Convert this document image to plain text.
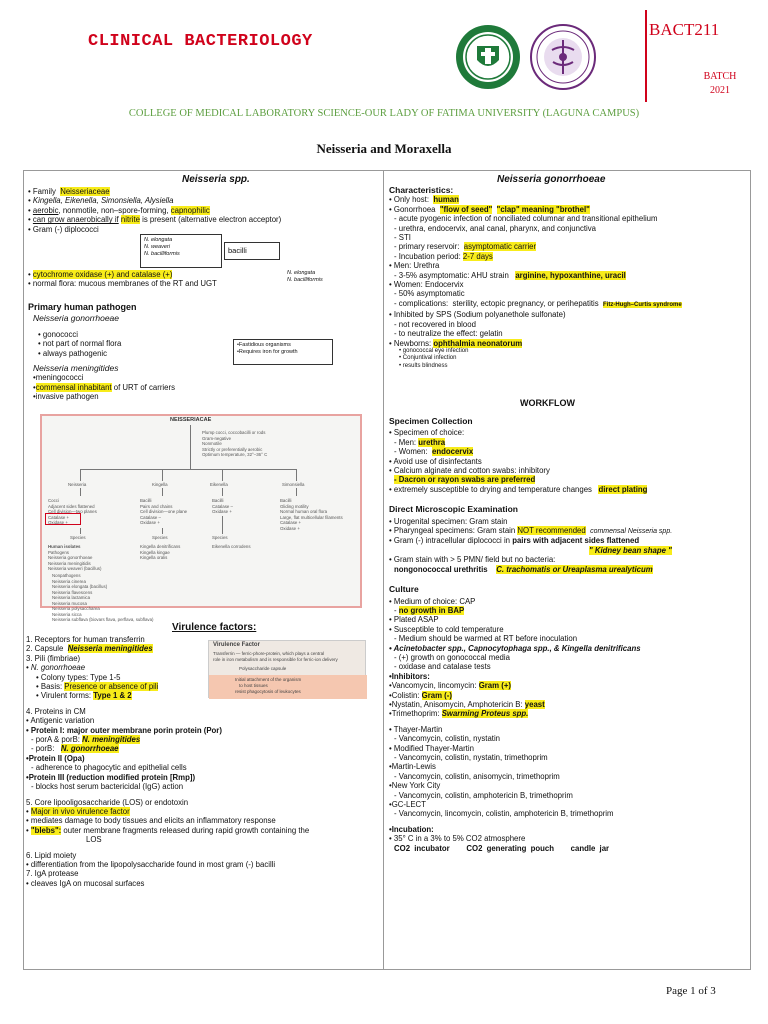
CLINICAL BACTERIOLOGY
BACT211
BATCH
2021
COLLEGE OF MEDICAL LABORATORY SCIENCE-OUR LADY OF FATIMA UNIVERSITY (LAGUNA CAMPUS)
Neisseria and Moraxella
Neisseria spp.
• Family  Neisseriaceae
• Kingella, Eikenella, Simonsiella, Alysiella
• aerobic, nonmotile, non–spore-forming, capnophilic
• can grow anaerobically if nitrite is present (alternative electron acceptor)
• Gram (-) diplococci
N. elongata
N. weaveri
N. bacilliformis	bacilli
• cytochrome oxidase (+) and catalase (+)
• normal flora: mucous membranes of the RT and UGT
N. elongata
N. bacilliformis
Primary human pathogen
Neisseria gonorrhoeae
• gonococci
• not part of normal flora
• always pathogenic
Neisseria meningitides
•meningococci
•commensal inhabitant of URT of carriers
•invasive pathogen
•Fastidious organisms
•Requires iron for growth
NEISSERIACAE
Plump cocci, coccobacilli or rods
Gram-negative
Nonmotile
Strictly or preferentially aerobic
Optimum temperature, 32°–36° C
Neisseria	Kingella	Eikenella	Simonsiella
Cocci
Adjacent sides flattened
Cell division—two planes
Catalase +
Oxidase +
Bacilli
Pairs and chains
Cell division—one plane
Catalase –
Oxidase +
Bacilli
Catalase –
Oxidase +
Bacilli
Gliding motility
Normal human oral flora
Large, flat multicellular filaments
Catalase +
Oxidase +
Species	Species	Species
Human isolates
Pathogens
Neisseria gonorrhoeae
Neisseria meningitidis
Neisseria weaveri (bacillus)
Kingella denitrificans
Kingella kingae
Kingella oralis
Eikenella corrodens
Nonpathogens
Neisseria cinerea
Neisseria elongata (bacillus)
Neisseria flavescens
Neisseria lactamica
Neisseria mucosa
Neisseria polysaccharea
Neisseria sicca
Neisseria subflava (biovars flava, perflava, subflava)
Virulence factors:
Virulence Factor
Transferrin — ferric-phore-protein, which plays a central
role in iron metabolism and is responsible for ferric-ion delivery
Polysaccharide capsule
Initial attachment of the organism
to host tissues
resist phagocytosis of leukocytes
1. Receptors for human transferrin
2. Capsule  Neisseria meningitides
3. Pili (fimbriae)
• N. gonorrhoeae
• Colony types: Type 1-5
• Basis: Presence or absence of pili
• Virulent forms: Type 1 & 2
4. Proteins in CM
• Antigenic variation
• Protein I: major outer membrane porin protein (Por)
- porA & porB: N. meningitides
- porB:   N. gonorrhoeae
•Protein II (Opa)
- adherence to phagocytic and epithelial cells
•Protein III (reduction modified protein [Rmp])
- blocks host serum bactericidal (IgG) action
5. Core lipooligosaccharide (LOS) or endotoxin
• Major in vivo virulence factor
• mediates damage to body tissues and elicits an inflammatory response
• "blebs": outer membrane fragments released during rapid growth containing the
LOS
6. Lipid moiety
• differentiation from the lipopolysaccharide found in most gram (-) bacilli
7. IgA protease
• cleaves IgA on mucosal surfaces
Neisseria gonorrhoeae
Characteristics:
• Only host:  human
• Gonorrhoea  "flow of seed" "clap" meaning "brothel"
- acute pyogenic infection of nonciliated columnar and transitional epithelium
- urethra, endocervix, anal canal, pharynx, and conjunctiva
- STI
- primary reservoir:  asymptomatic carrier
- Incubation period: 2-7 days
• Men: Urethra
- 3-5% asymptomatic: AHU strain   arginine, hypoxanthine, uracil
• Women: Endocervix
- 50% asymptomatic
- complications:  sterility, ectopic pregnancy, or perihepatitis  Fitz-Hugh–Curtis syndrome
• Inhibited by SPS (Sodium polyanethole sulfonate)
- not recovered in blood
- to neutralize the effect: gelatin
• Newborns: ophthalmia neonatorum
• gonococcal eye infection
• Conjuntival infection
• results blindness
WORKFLOW
Specimen Collection
• Specimen of choice:
- Men: urethra
- Women:  endocervix
• Avoid use of disinfectants
• Calcium alginate and cotton swabs: inhibitory
- Dacron or rayon swabs are preferred
• extremely susceptible to drying and temperature changes   direct plating
Direct Microscopic Examination
• Urogenital specimen: Gram stain
• Pharyngeal specimens: Gram stain NOT recommended commensal Neisseria spp.
• Gram (-) intracellular diplococci in pairs with adjacent sides flattened
" Kidney bean shape "
• Gram stain with > 5 PMN/ field but no bacteria:
nongonococcal urethritis C. trachomatis or Ureaplasma urealyticum
Culture
• Medium of choice: CAP
- no growth in BAP
• Plated ASAP
• Susceptible to cold temperature
- Medium should be warmed at RT before inoculation
• Acinetobacter spp., Capnocytophaga spp., & Kingella denitrificans
- (+) growth on gonococcal media
- oxidase and catalase tests
•Inhibitors:
•Vancomycin, lincomycin: Gram (+)
•Colistin: Gram (-)
•Nystatin, Anisomycin, Amphotericin B: yeast
•Trimethoprim: Swarming Proteus spp.
• Thayer-Martin
- Vancomycin, colistin, nystatin
• Modified Thayer-Martin
- Vancomycin, colistin, nystatin, trimethoprim
•Martin-Lewis
- Vancomycin, colistin, anisomycin, trimethoprim
•New York City
- Vancomycin, colistin, amphotericin B, trimethoprim
•GC-LECT
- Vancomycin, lincomycin, colistin, amphotericin B, trimethoprim
•Incubation:
• 35° C in a 3% to 5% CO2 atmosphere
CO2 incubator    CO2 generating pouch    candle jar
Page 1 of 3
